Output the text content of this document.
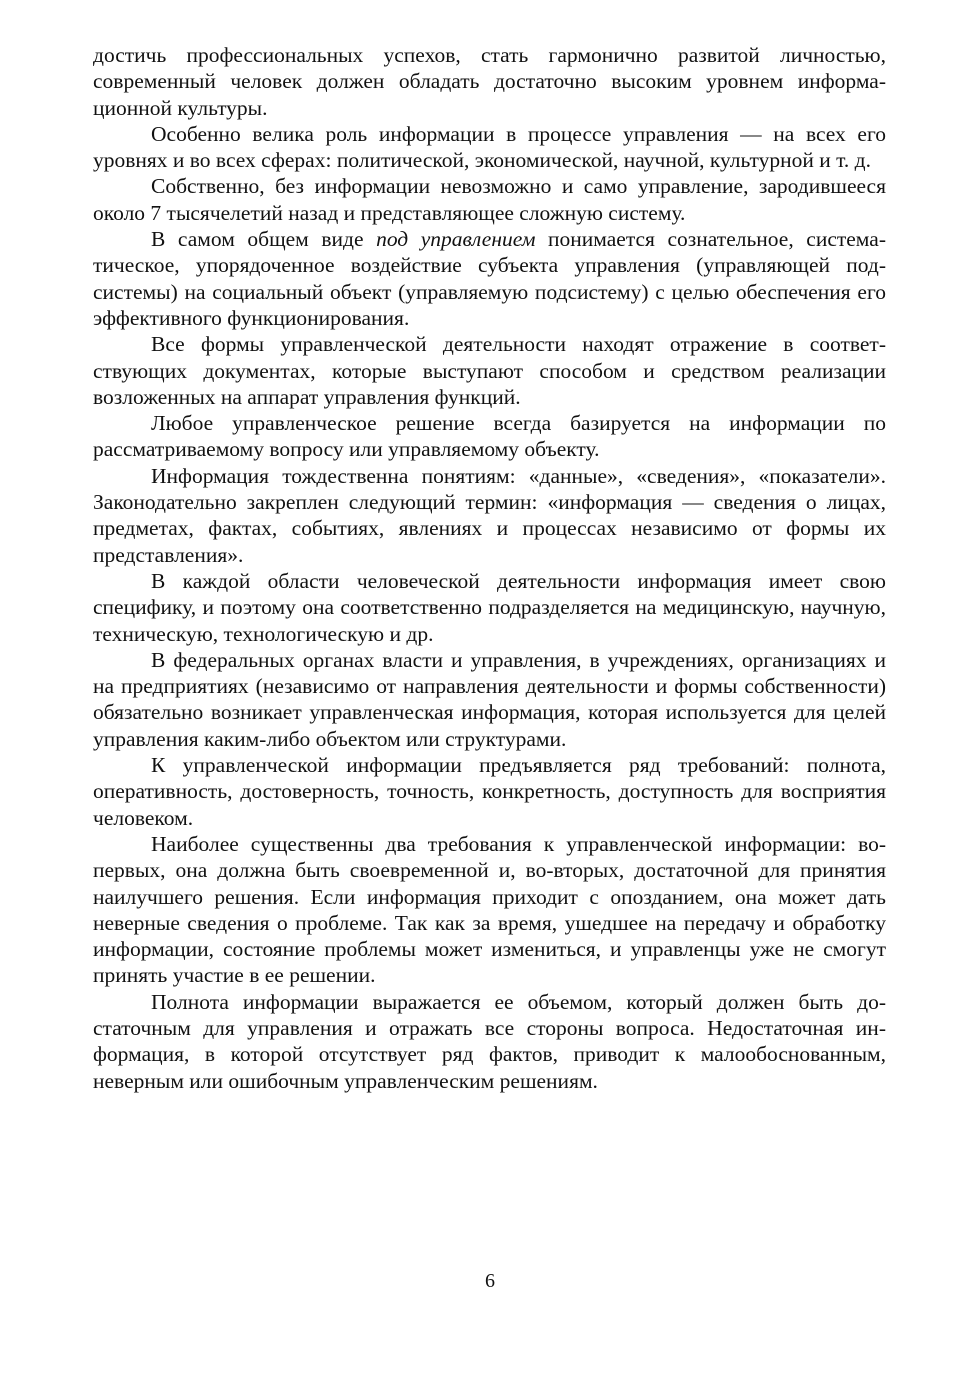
достичь профессиональных успехов, стать гармонично развитой личностью, современный человек должен обладать достаточно высоким уровнем информационной культуры.

Особенно велика роль информации в процессе управления — на всех его уровнях и во всех сферах: политической, экономической, научной, культурной и т. д.

Собственно, без информации невозможно и само управление, зародившееся около 7 тысячелетий назад и представляющее сложную систему.

В самом общем виде под управлением понимается сознательное, систематическое, упорядоченное воздействие субъекта управления (управляющей подсистемы) на социальный объект (управляемую подсистему) с целью обеспечения его эффективного функционирования.

Все формы управленческой деятельности находят отражение в соответствующих документах, которые выступают способом и средством реализации возложенных на аппарат управления функций.

Любое управленческое решение всегда базируется на информации по рассматриваемому вопросу или управляемому объекту.

Информация тождественна понятиям: «данные», «сведения», «показатели». Законодательно закреплен следующий термин: «информация — сведения о лицах, предметах, фактах, событиях, явлениях и процессах независимо от формы их представления».

В каждой области человеческой деятельности информация имеет свою специфику, и поэтому она соответственно подразделяется на медицинскую, научную, техническую, технологическую и др.

В федеральных органах власти и управления, в учреждениях, организациях и на предприятиях (независимо от направления деятельности и формы собственности) обязательно возникает управленческая информация, которая используется для целей управления каким-либо объектом или структурами.

К управленческой информации предъявляется ряд требований: полнота, оперативность, достоверность, точность, конкретность, доступность для восприятия человеком.

Наиболее существенны два требования к управленческой информации: во-первых, она должна быть своевременной и, во-вторых, достаточной для принятия наилучшего решения. Если информация приходит с опозданием, она может дать неверные сведения о проблеме. Так как за время, ушедшее на передачу и обработку информации, состояние проблемы может измениться, и управленцы уже не смогут принять участие в ее решении.

Полнота информации выражается ее объемом, который должен быть достаточным для управления и отражать все стороны вопроса. Недостаточная информация, в которой отсутствует ряд фактов, приводит к малообоснованным, неверным или ошибочным управленческим решениям.

6
